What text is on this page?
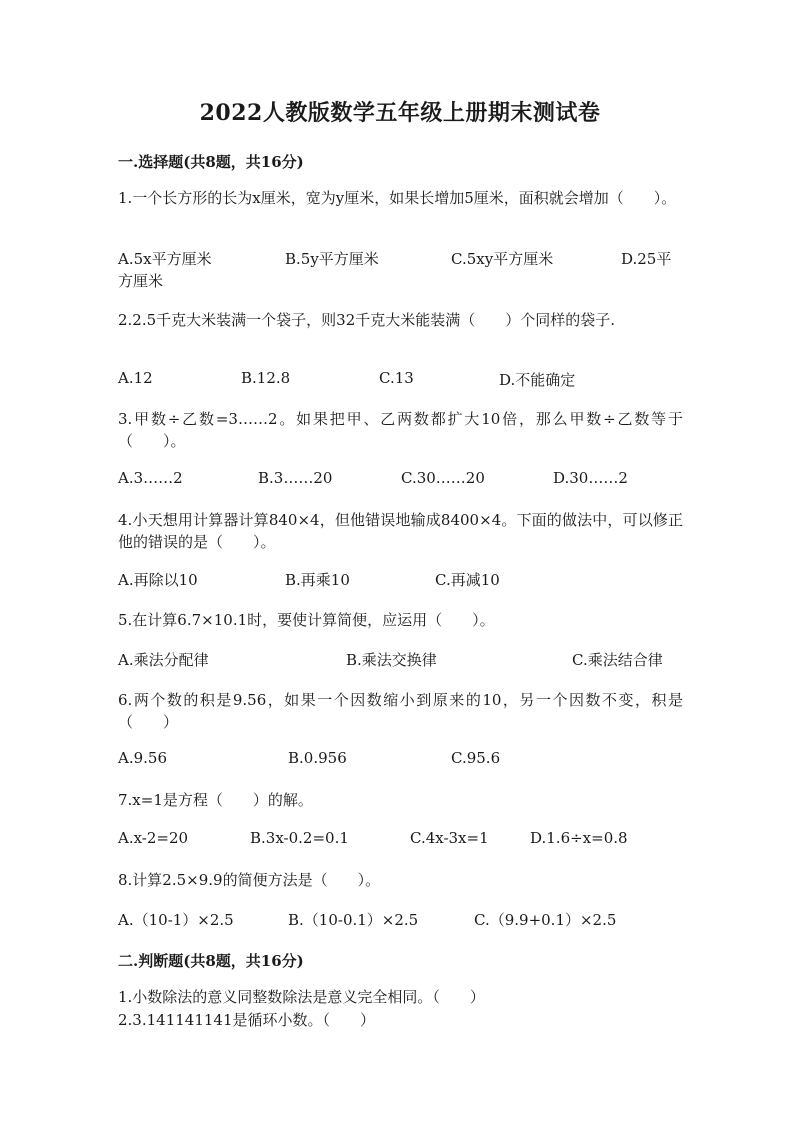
2022人教版数学五年级上册期末测试卷
一.选择题(共8题，共16分)
1.一个长方形的长为x厘米，宽为y厘米，如果长增加5厘米，面积就会增加（　　）。
A.5x平方厘米	B.5y平方厘米	C.5xy平方厘米	D.25平方厘米
2.2.5千克大米装满一个袋子，则32千克大米能装满（　　）个同样的袋子.
A.12	B.12.8	C.13	D.不能确定
3.甲数÷乙数=3……2。如果把甲、乙两数都扩大10倍，那么甲数÷乙数等于（　　）。
A.3……2	B.3……20	C.30……20	D.30……2
4.小天想用计算器计算840×4，但他错误地输成8400×4。下面的做法中，可以修正他的错误的是（　　）。
A.再除以10	B.再乘10	C.再减10
5.在计算6.7×10.1时，要使计算简便，应运用（　　）。
A.乘法分配律	B.乘法交换律	C.乘法结合律
6.两个数的积是9.56，如果一个因数缩小到原来的10，另一个因数不变，积是（　　）
A.9.56	B.0.956	C.95.6
7.x=1是方程（　　）的解。
A.x-2=20	B.3x-0.2=0.1	C.4x-3x=1	D.1.6÷x=0.8
8.计算2.5×9.9的简便方法是（　　）。
A.（10-1）×2.5	B.（10-0.1）×2.5	C.（9.9+0.1）×2.5
二.判断题(共8题，共16分)
1.小数除法的意义同整数除法是意义完全相同。（　　）
2.3.141141141是循环小数。（　　）
